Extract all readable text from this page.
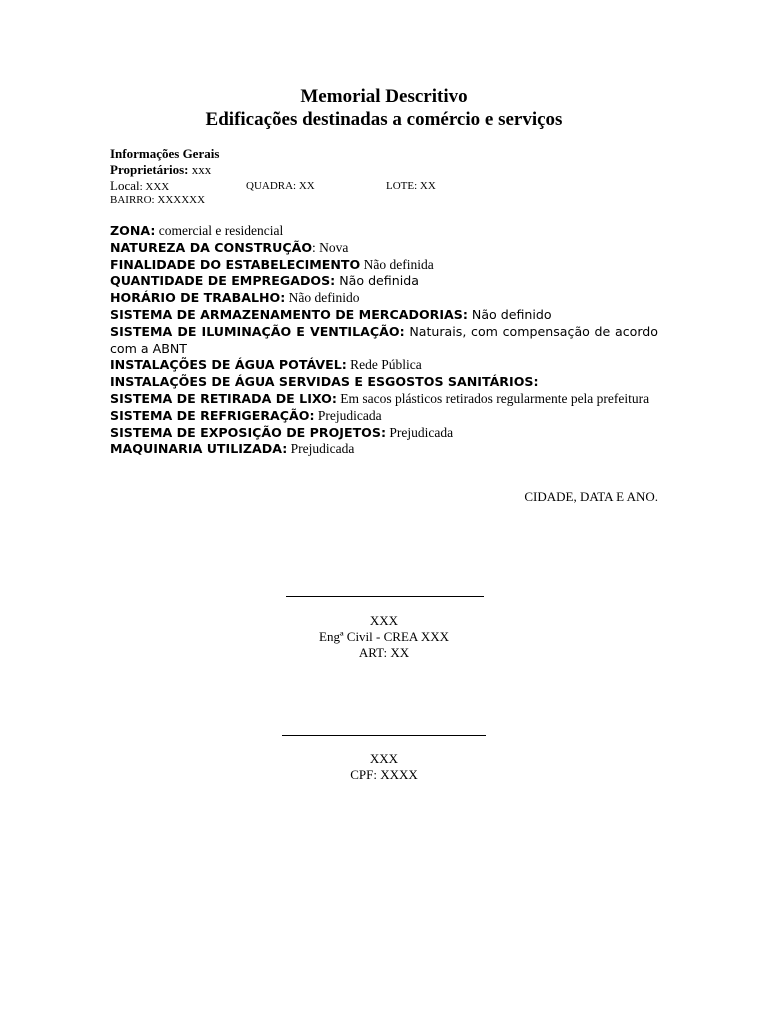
Memorial Descritivo
Edificações destinadas a comércio e serviços
Informações Gerais
Proprietários: xxx
Local: XXX	QUADRA: XX	LOTE: XX
BAIRRO: XXXXXX
ZONA: comercial e residencial
NATUREZA DA CONSTRUÇÃO: Nova
FINALIDADE DO ESTABELECIMENTO Não definida
QUANTIDADE DE EMPREGADOS: Não definida
HORÁRIO DE TRABALHO: Não definido
SISTEMA DE ARMAZENAMENTO DE MERCADORIAS: Não definido
SISTEMA DE ILUMINAÇÃO E VENTILAÇÃO: Naturais, com compensação de acordo com a ABNT
INSTALAÇÕES DE ÁGUA POTÁVEL: Rede Pública
INSTALAÇÕES DE ÁGUA SERVIDAS E ESGOSTOS SANITÁRIOS:
SISTEMA DE RETIRADA DE LIXO: Em sacos plásticos retirados regularmente pela prefeitura
SISTEMA DE REFRIGERAÇÃO: Prejudicada
SISTEMA DE EXPOSIÇÃO DE PROJETOS: Prejudicada
MAQUINARIA UTILIZADA: Prejudicada
CIDADE, DATA E ANO.
XXX
Engª Civil - CREA XXX
ART: XX
XXX
CPF: XXXX
